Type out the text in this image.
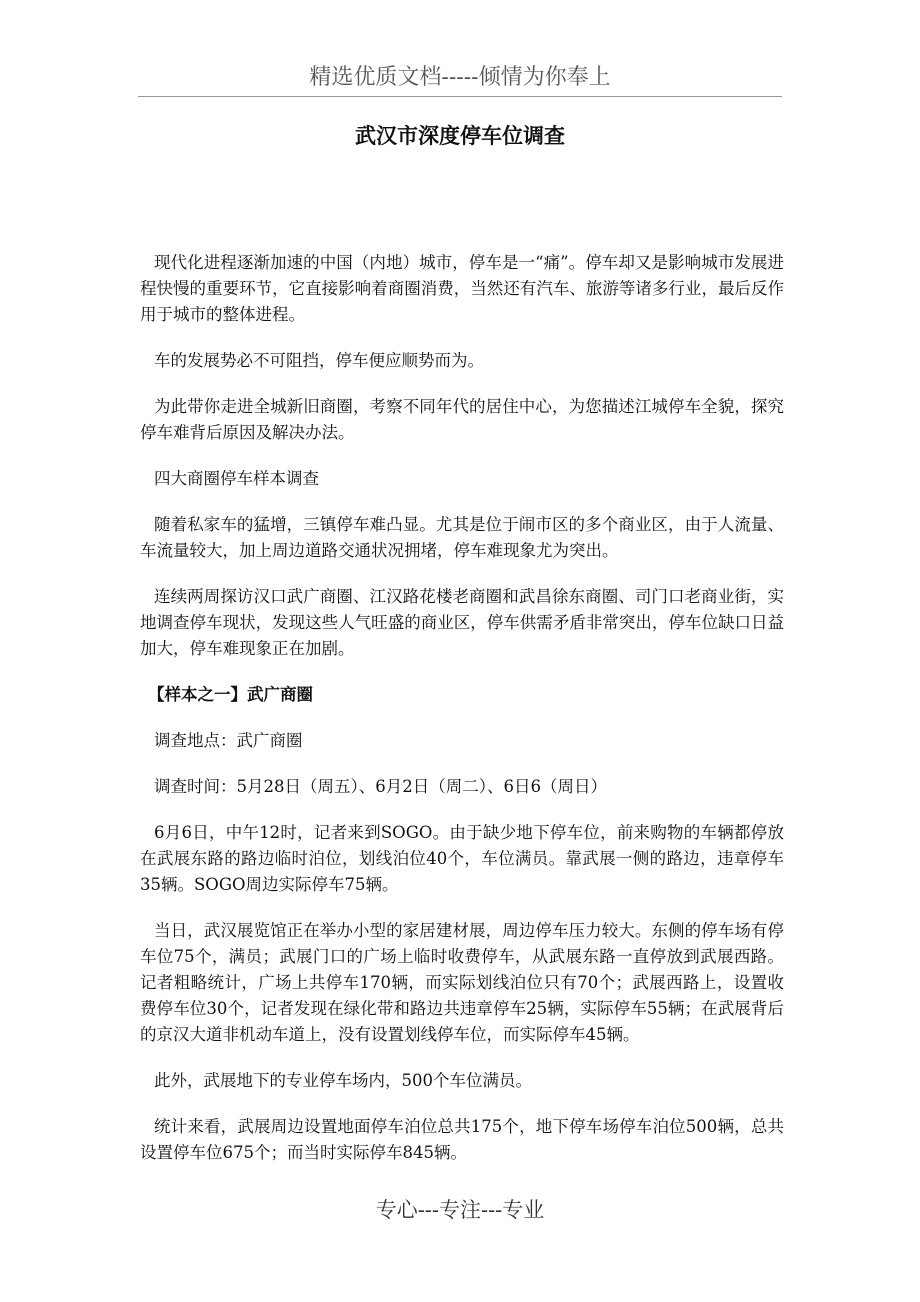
精选优质文档-----倾情为你奉上
武汉市深度停车位调查

现代化进程逐渐加速的中国（内地）城市，停车是一“痛”。停车却又是影响城市发展进程快慢的重要环节，它直接影响着商圈消费，当然还有汽车、旅游等诸多行业，最后反作用于城市的整体进程。

车的发展势必不可阻挡，停车便应顺势而为。

为此带你走进全城新旧商圈，考察不同年代的居住中心，为您描述江城停车全貌，探究停车难背后原因及解决办法。

四大商圈停车样本调查

随着私家车的猛增，三镇停车难凸显。尤其是位于闹市区的多个商业区，由于人流量、车流量较大，加上周边道路交通状况拥堵，停车难现象尤为突出。

连续两周探访汉口武广商圈、江汉路花楼老商圈和武昌徐东商圈、司门口老商业街，实地调查停车现状，发现这些人气旺盛的商业区，停车供需矛盾非常突出，停车位缺口日益加大，停车难现象正在加剧。

【样本之一】武广商圈

调查地点：武广商圈

调查时间：5月28日（周五）、6月2日（周二）、6日6（周日）

6月6日，中午12时，记者来到SOGO。由于缺少地下停车位，前来购物的车辆都停放在武展东路的路边临时泊位，划线泊位40个，车位满员。靠武展一侧的路边，违章停车35辆。SOGO周边实际停车75辆。

当日，武汉展览馆正在举办小型的家居建材展，周边停车压力较大。东侧的停车场有停车位75个，满员；武展门口的广场上临时收费停车，从武展东路一直停放到武展西路。记者粗略统计，广场上共停车170辆，而实际划线泊位只有70个；武展西路上，设置收费停车位30个，记者发现在绿化带和路边共违章停车25辆，实际停车55辆；在武展背后的京汉大道非机动车道上，没有设置划线停车位，而实际停车45辆。

此外，武展地下的专业停车场内，500个车位满员。

统计来看，武展周边设置地面停车泊位总共175个，地下停车场停车泊位500辆，总共设置停车位675个；而当时实际停车845辆。

专心---专注---专业
